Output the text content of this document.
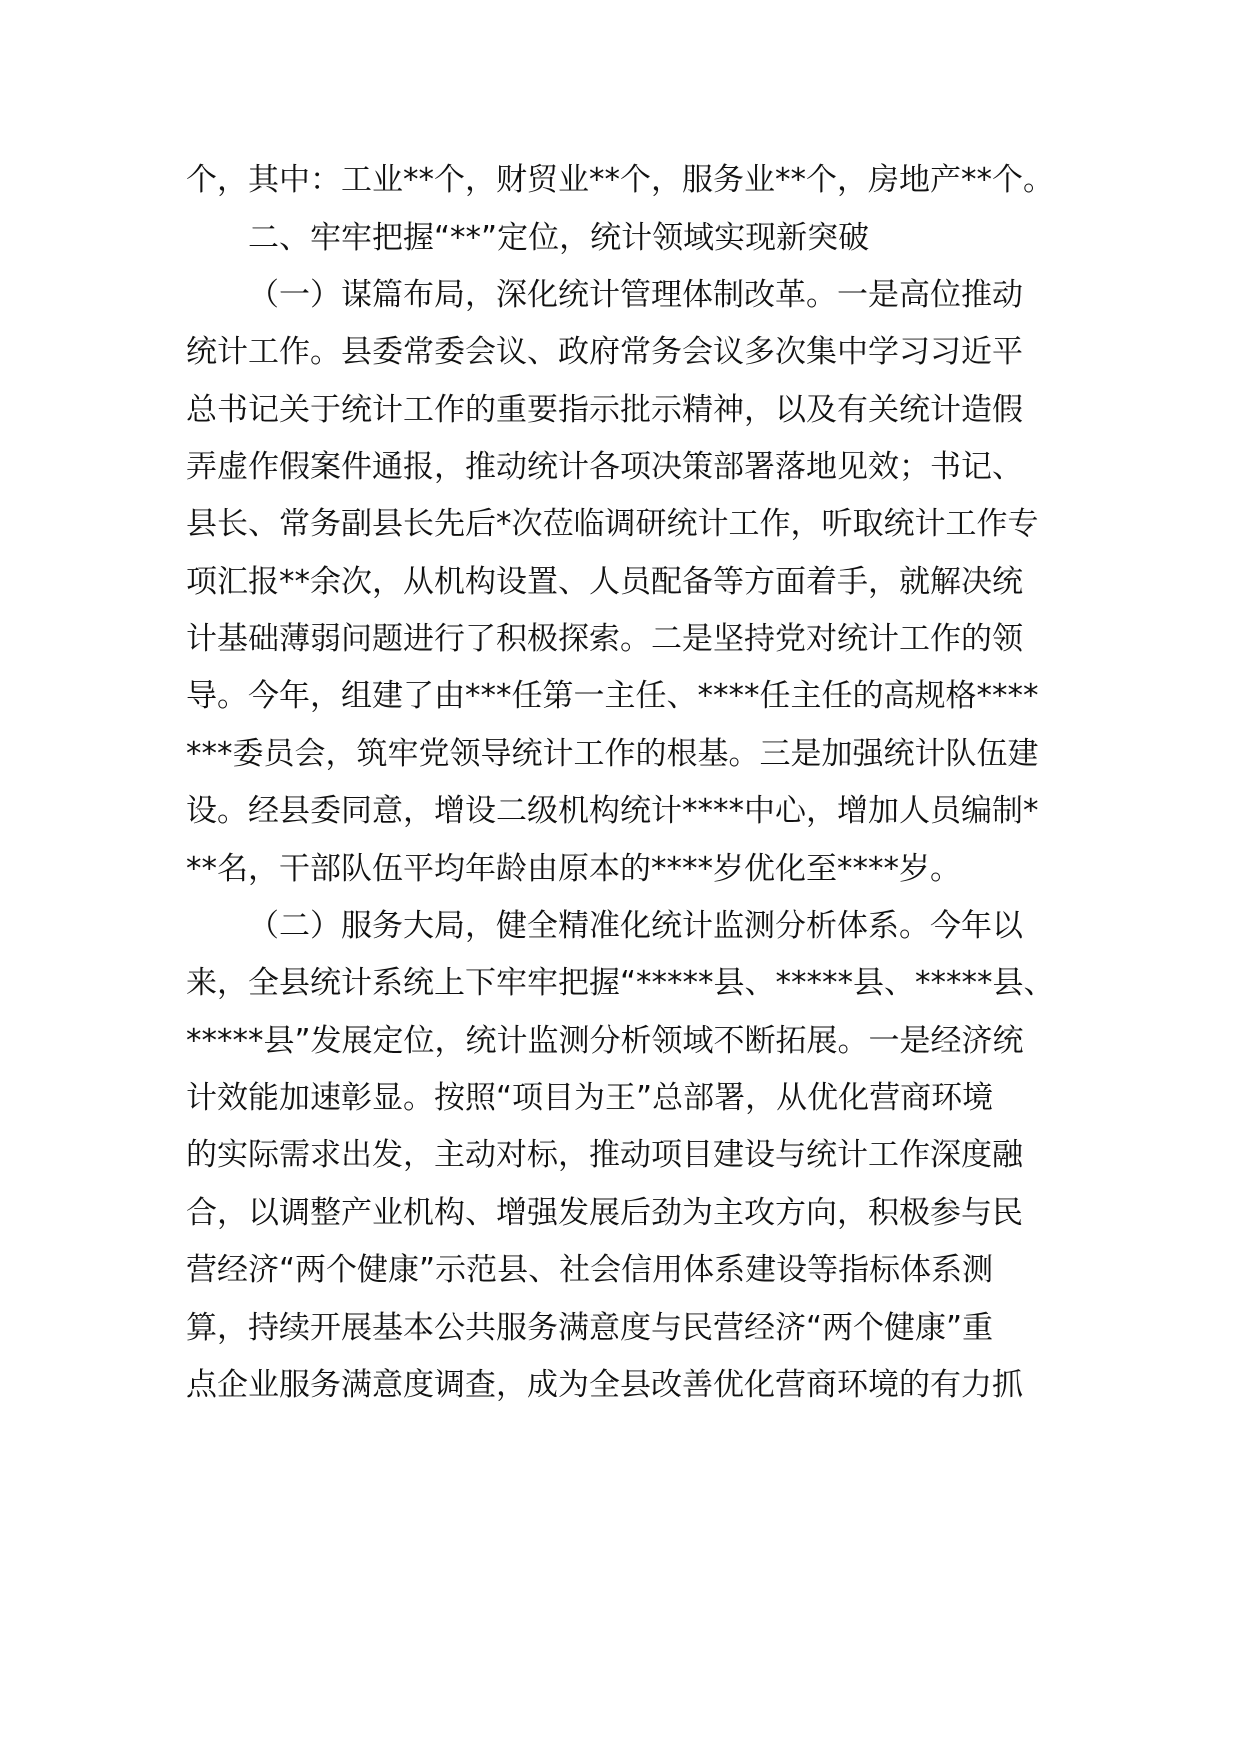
个，其中：工业**个，财贸业**个，服务业**个，房地产**个。
二、牢牢把握“**”定位，统计领域实现新突破
（一）谋篇布局，深化统计管理体制改革。一是高位推动
统计工作。县委常委会议、政府常务会议多次集中学习习近平
总书记关于统计工作的重要指示批示精神，以及有关统计造假
弄虚作假案件通报，推动统计各项决策部署落地见效；书记、
县长、常务副县长先后*次莅临调研统计工作，听取统计工作专
项汇报**余次，从机构设置、人员配备等方面着手，就解决统
计基础薄弱问题进行了积极探索。二是坚持党对统计工作的领
导。今年，组建了由***任第一主任、****任主任的高规格****
***委员会，筑牢党领导统计工作的根基。三是加强统计队伍建
设。经县委同意，增设二级机构统计****中心，增加人员编制*
**名，干部队伍平均年龄由原本的****岁优化至****岁。
（二）服务大局，健全精准化统计监测分析体系。今年以
来，全县统计系统上下牢牢把握“*****县、*****县、*****县、
*****县”发展定位，统计监测分析领域不断拓展。一是经济统
计效能加速彰显。按照“项目为王”总部署，从优化营商环境
的实际需求出发，主动对标，推动项目建设与统计工作深度融
合，以调整产业机构、增强发展后劲为主攻方向，积极参与民
营经济“两个健康”示范县、社会信用体系建设等指标体系测
算，持续开展基本公共服务满意度与民营经济“两个健康”重
点企业服务满意度调查，成为全县改善优化营商环境的有力抓
